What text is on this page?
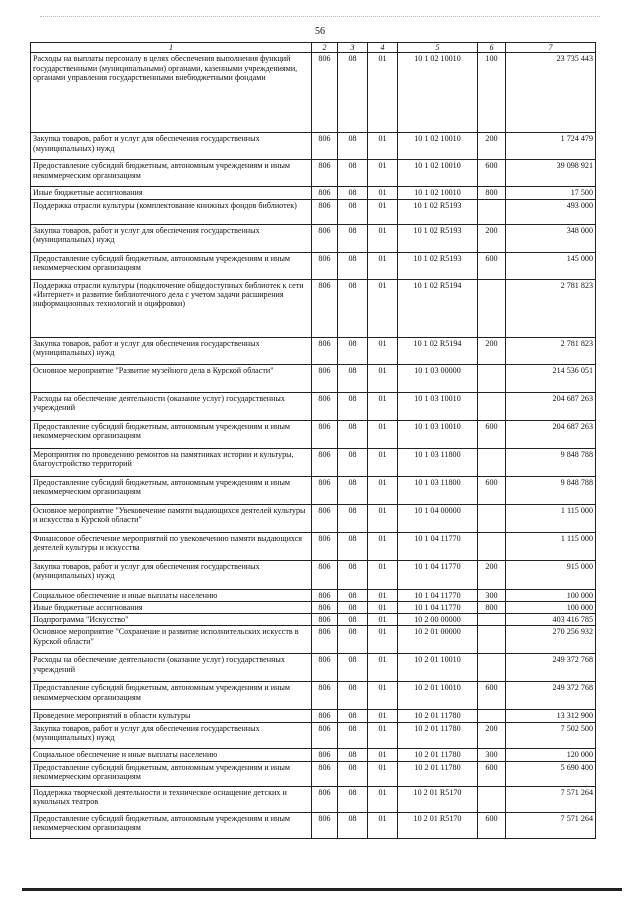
56
1	2	3	4	5	6	7
Расходы на выплаты персоналу в целях обеспечения выполнения функций государственными (муниципальными) органами, казенными учреждениями, органами управления государственными внебюджетными фондами	806	08	01	10 1 02 10010	100	23 735 443
Закупка товаров, работ и услуг для обеспечения государственных (муниципальных) нужд	806	08	01	10 1 02 10010	200	1 724 479
Предоставление субсидий бюджетным, автономным учреждениям и иным некоммерческим организациям	806	08	01	10 1 02 10010	600	39 098 921
Иные бюджетные ассигнования	806	08	01	10 1 02 10010	800	17 500
Поддержка отрасли культуры (комплектование книжных фондов библиотек)	806	08	01	10 1 02 R5193		493 000
Закупка товаров, работ и услуг для обеспечения государственных (муниципальных) нужд	806	08	01	10 1 02 R5193	200	348 000
Предоставление субсидий бюджетным, автономным учреждениям и иным некоммерческим организациям	806	08	01	10 1 02 R5193	600	145 000
Поддержка отрасли культуры (подключение общедоступных библиотек к сети «Интернет» и развитие библиотечного дела с учетом задачи расширения информационных технологий и оцифровки)	806	08	01	10 1 02 R5194		2 781 823
Закупка товаров, работ и услуг для обеспечения государственных (муниципальных) нужд	806	08	01	10 1 02 R5194	200	2 781 823
Основное мероприятие "Развитие музейного дела в Курской области"	806	08	01	10 1 03 00000		214 536 051
Расходы на обеспечение деятельности (оказание услуг) государственных учреждений	806	08	01	10 1 03 10010		204 687 263
Предоставление субсидий бюджетным, автономным учреждениям и иным некоммерческим организациям	806	08	01	10 1 03 10010	600	204 687 263
Мероприятия по проведению ремонтов на памятниках истории и культуры, благоустройство территорий	806	08	01	10 1 03 11800		9 848 788
Предоставление субсидий бюджетным, автономным учреждениям и иным некоммерческим организациям	806	08	01	10 1 03 11800	600	9 848 788
Основное мероприятие "Увековечение памяти выдающихся деятелей культуры и искусства в Курской области"	806	08	01	10 1 04 00000		1 115 000
Финансовое обеспечение мероприятий по увековечению памяти выдающихся деятелей культуры и искусства	806	08	01	10 1 04 11770		1 115 000
Закупка товаров, работ и услуг для обеспечения государственных (муниципальных) нужд	806	08	01	10 1 04 11770	200	915 000
Социальное обеспечение и иные выплаты населению	806	08	01	10 1 04 11770	300	100 000
Иные бюджетные ассигнования	806	08	01	10 1 04 11770	800	100 000
Подпрограмма "Искусство"	806	08	01	10 2 00 00000		403 416 785
Основное мероприятие "Сохранение и развитие исполнительских искусств в Курской области"	806	08	01	10 2 01 00000		270 256 932
Расходы на обеспечение деятельности (оказание услуг) государственных учреждений	806	08	01	10 2 01 10010		249 372 768
Предоставление субсидий бюджетным, автономным учреждениям и иным некоммерческим организациям	806	08	01	10 2 01 10010	600	249 372 768
Проведение мероприятий в области культуры	806	08	01	10 2 01 11780		13 312 900
Закупка товаров, работ и услуг для обеспечения государственных (муниципальных) нужд	806	08	01	10 2 01 11780	200	7 502 500
Социальное обеспечение и иные выплаты населению	806	08	01	10 2 01 11780	300	120 000
Предоставление субсидий бюджетным, автономным учреждениям и иным некоммерческим организациям	806	08	01	10 2 01 11780	600	5 690 400
Поддержка творческой деятельности и техническое оснащение детских и кукольных театров	806	08	01	10 2 01 R5170		7 571 264
Предоставление субсидий бюджетным, автономным учреждениям и иным некоммерческим организациям	806	08	01	10 2 01 R5170	600	7 571 264
